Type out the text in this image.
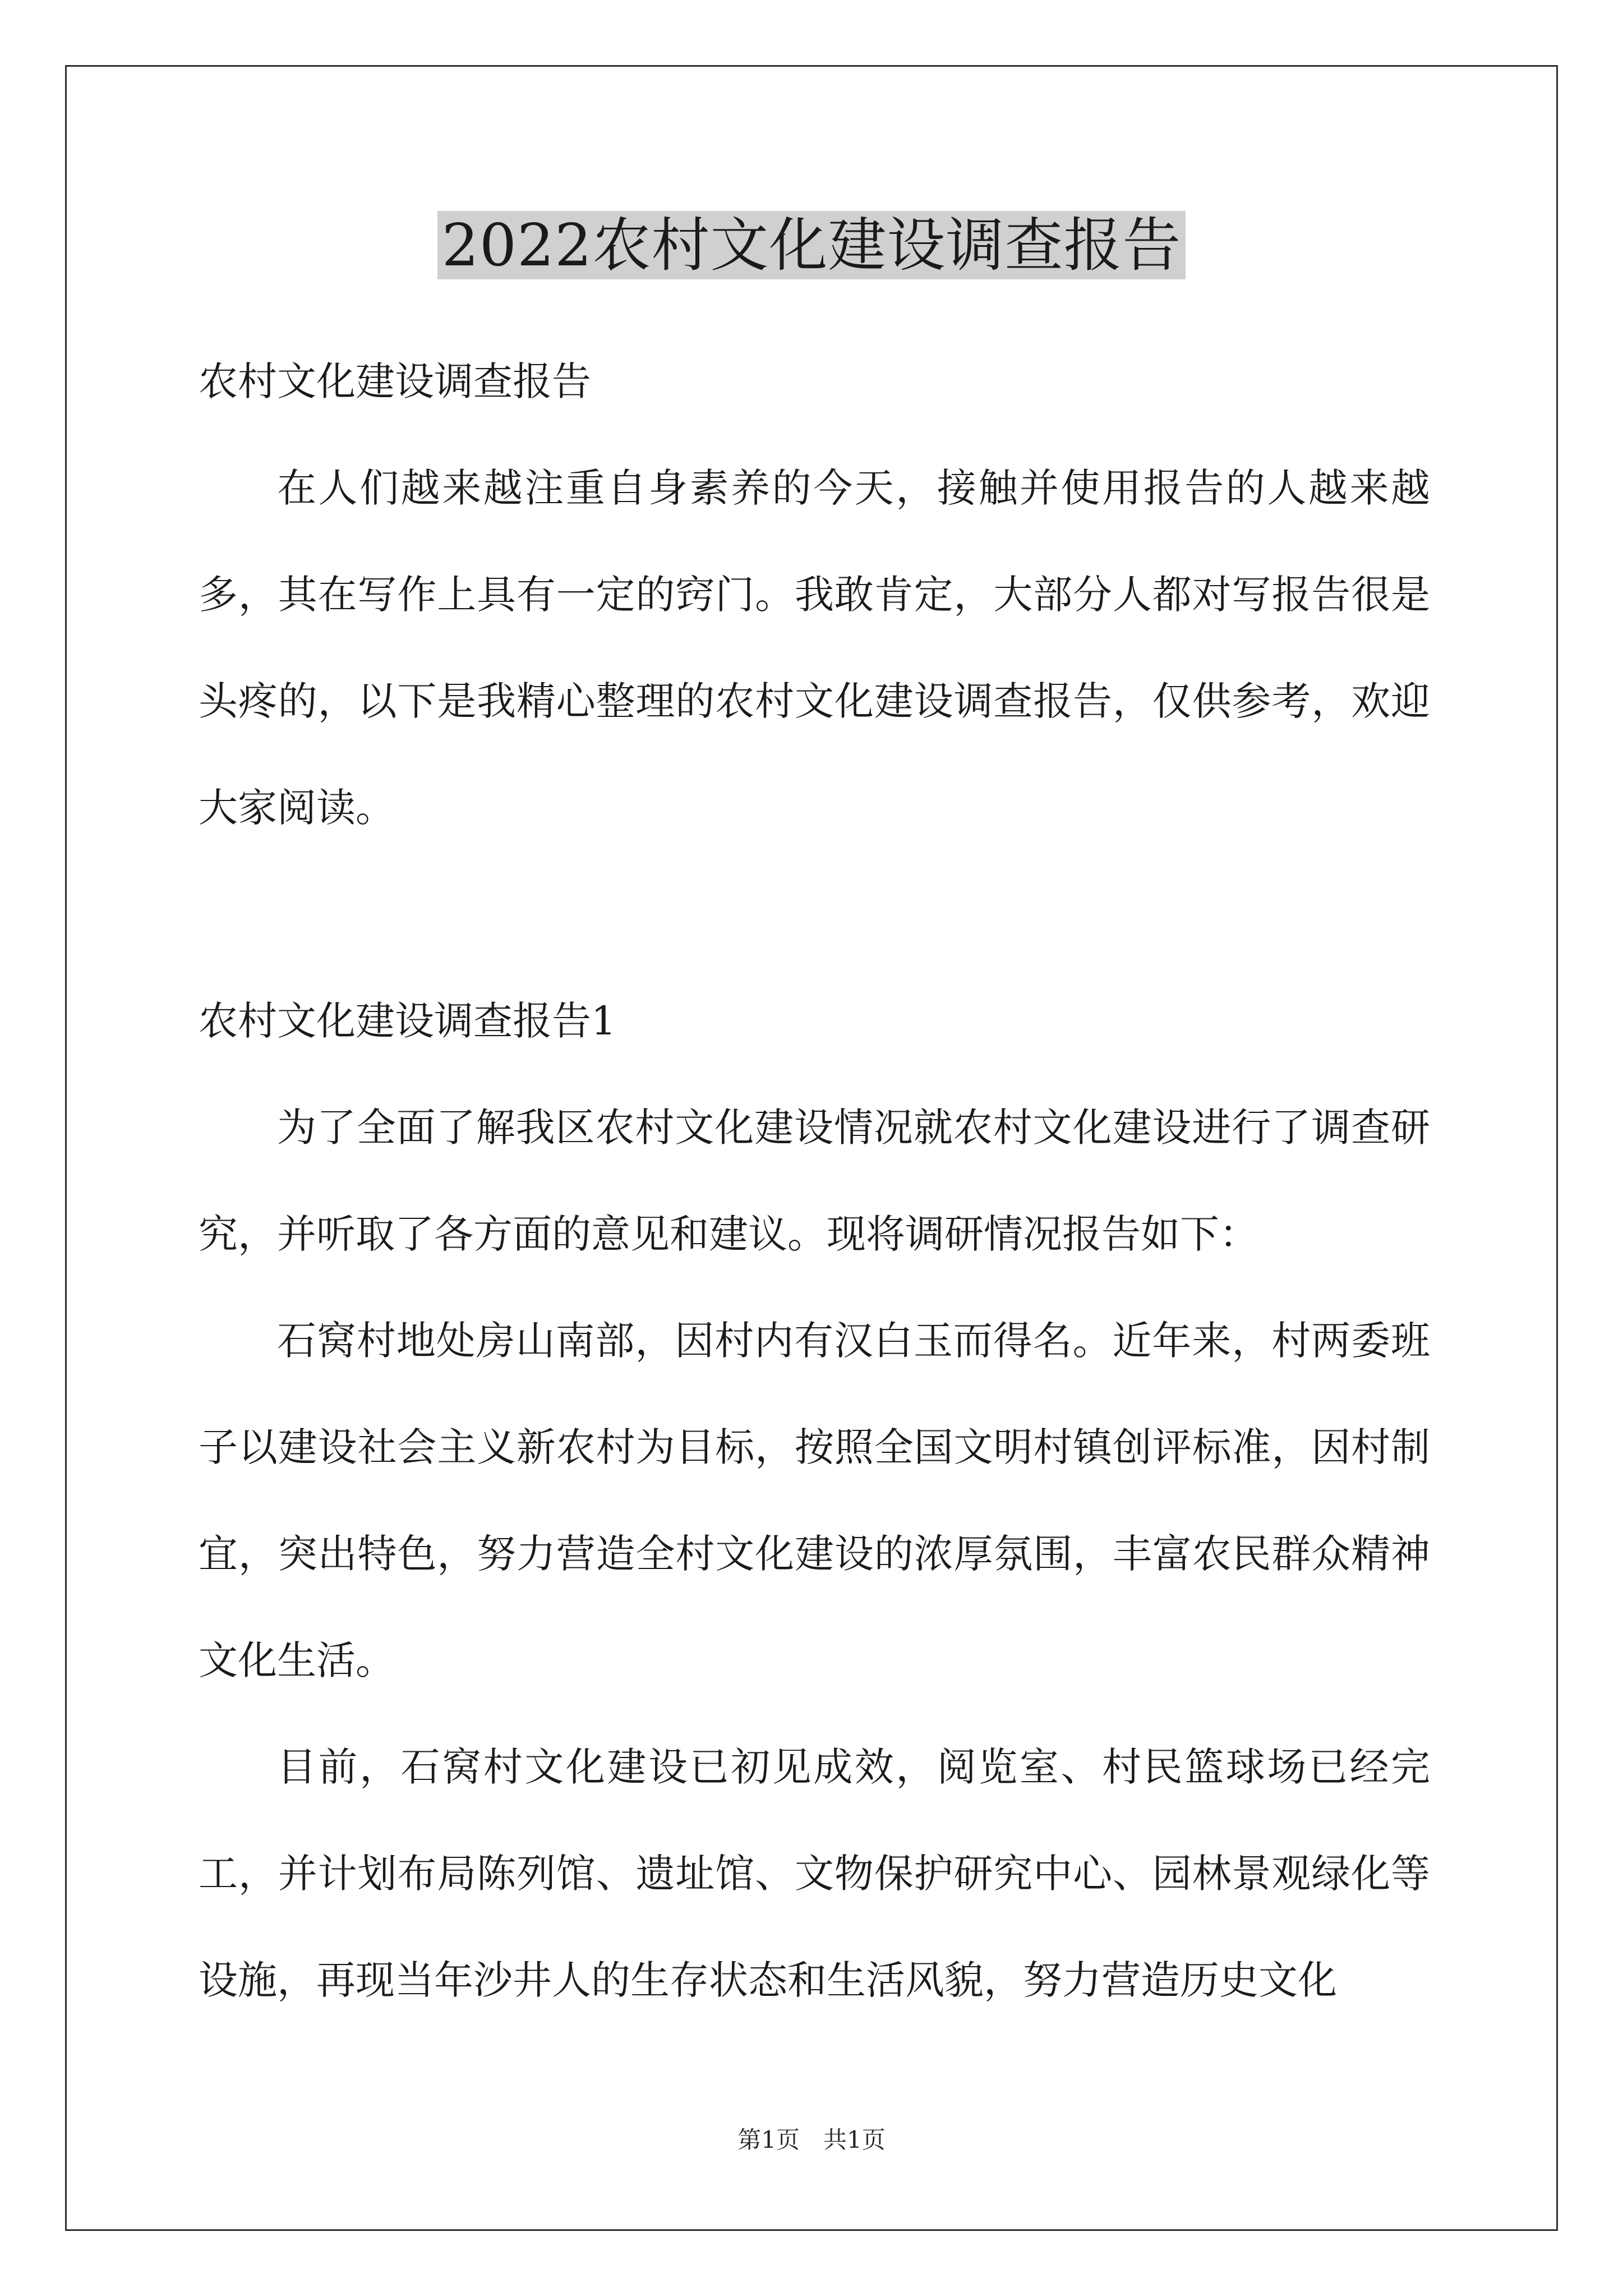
2022农村文化建设调查报告
农村文化建设调查报告
在人们越来越注重自身素养的今天，接触并使用报告的人越来越多，其在写作上具有一定的窍门。我敢肯定，大部分人都对写报告很是头疼的，以下是我精心整理的农村文化建设调查报告，仅供参考，欢迎大家阅读。
农村文化建设调查报告1
为了全面了解我区农村文化建设情况就农村文化建设进行了调查研究，并听取了各方面的意见和建议。现将调研情况报告如下：
石窝村地处房山南部，因村内有汉白玉而得名。近年来，村两委班子以建设社会主义新农村为目标，按照全国文明村镇创评标准，因村制宜，突出特色，努力营造全村文化建设的浓厚氛围，丰富农民群众精神文化生活。
目前，石窝村文化建设已初见成效，阅览室、村民篮球场已经完工，并计划布局陈列馆、遗址馆、文物保护研究中心、园林景观绿化等设施，再现当年沙井人的生存状态和生活风貌，努力营造历史文化
第1页　共1页
